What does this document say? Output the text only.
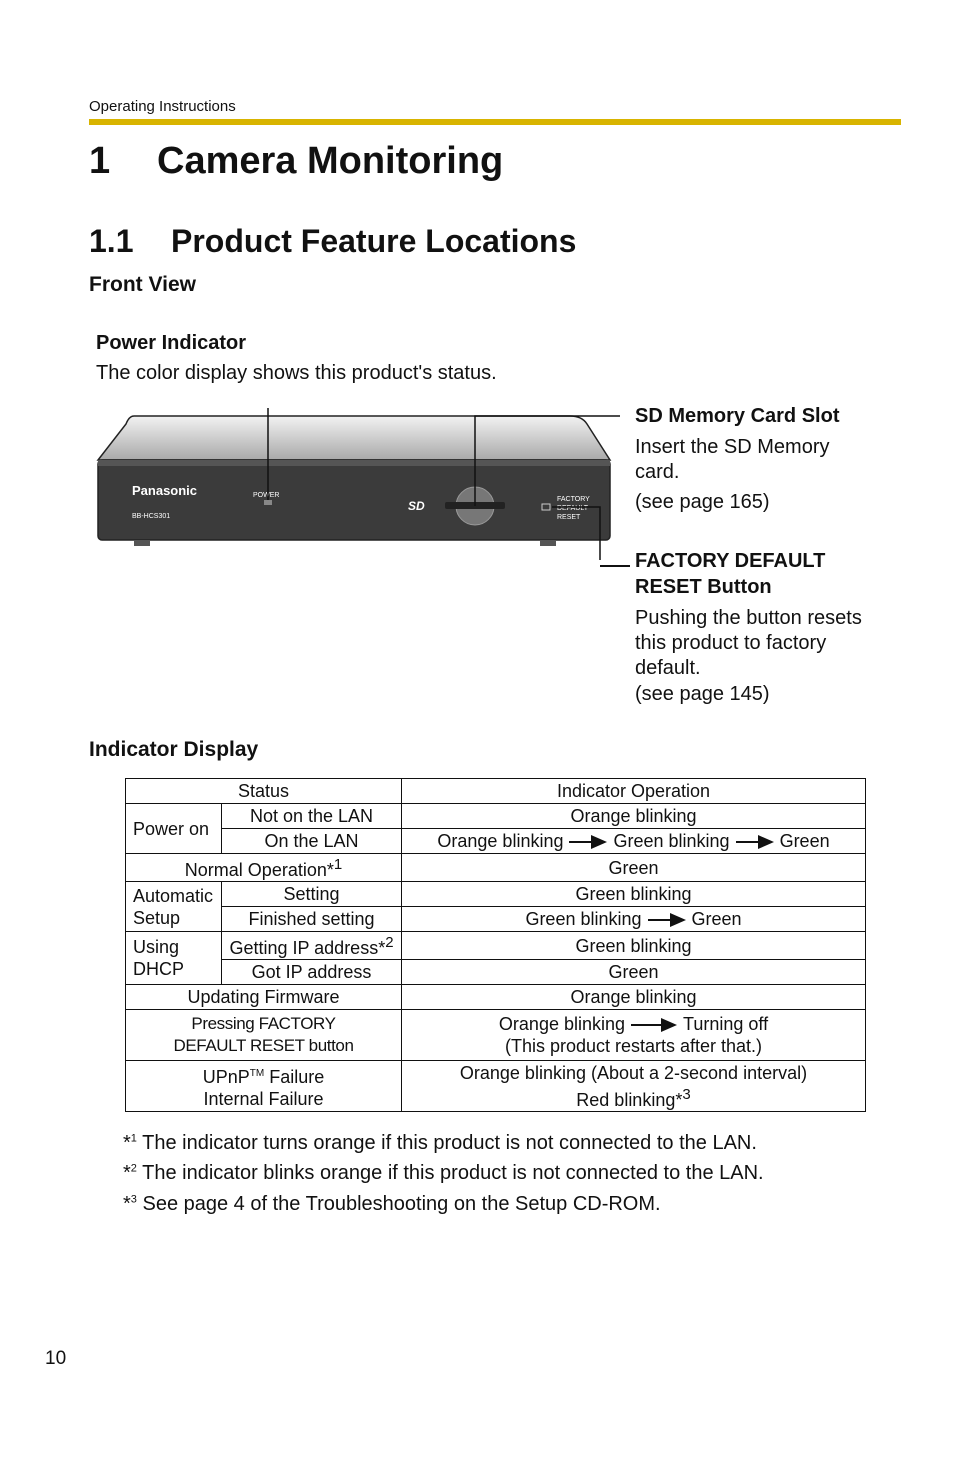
Operating Instructions
1 Camera Monitoring
1.1 Product Feature Locations
Front View
Power Indicator
The color display shows this product's status.
Panasonic
BB-HCS301
POWER
SD	FACTORY
DEFAULT
RESET
SD Memory Card Slot
Insert the SD Memory
card.
(see page 165)
FACTORY DEFAULT
RESET Button
Pushing the button resets
this product to factory
default.
(see page 145)
Indicator Display
Status		Indicator Operation
Power on	Not on the LAN	Orange blinking
	On the LAN	Orange blinking Green blinking Green
Normal Operation*$^1$		Green
Automatic
Setup	Setting	Green blinking
	Finished setting	Green blinking Green
Using
DHCP	Getting IP address*$^2$	Green blinking
	Got IP address	Green
Updating Firmware		Orange blinking
Pressing FACTORY
DEFAULT RESET button		Orange blinking Turning off
(This product restarts after that.)
UPnP™ Failure
Internal Failure		Orange blinking (About a 2-second interval)
Red blinking*$^3$
*$^1$ The indicator turns orange if this product is not connected to the LAN.
*$^2$ The indicator blinks orange if this product is not connected to the LAN.
*$^3$ See page 4 of the Troubleshooting on the Setup CD-ROM.
10
